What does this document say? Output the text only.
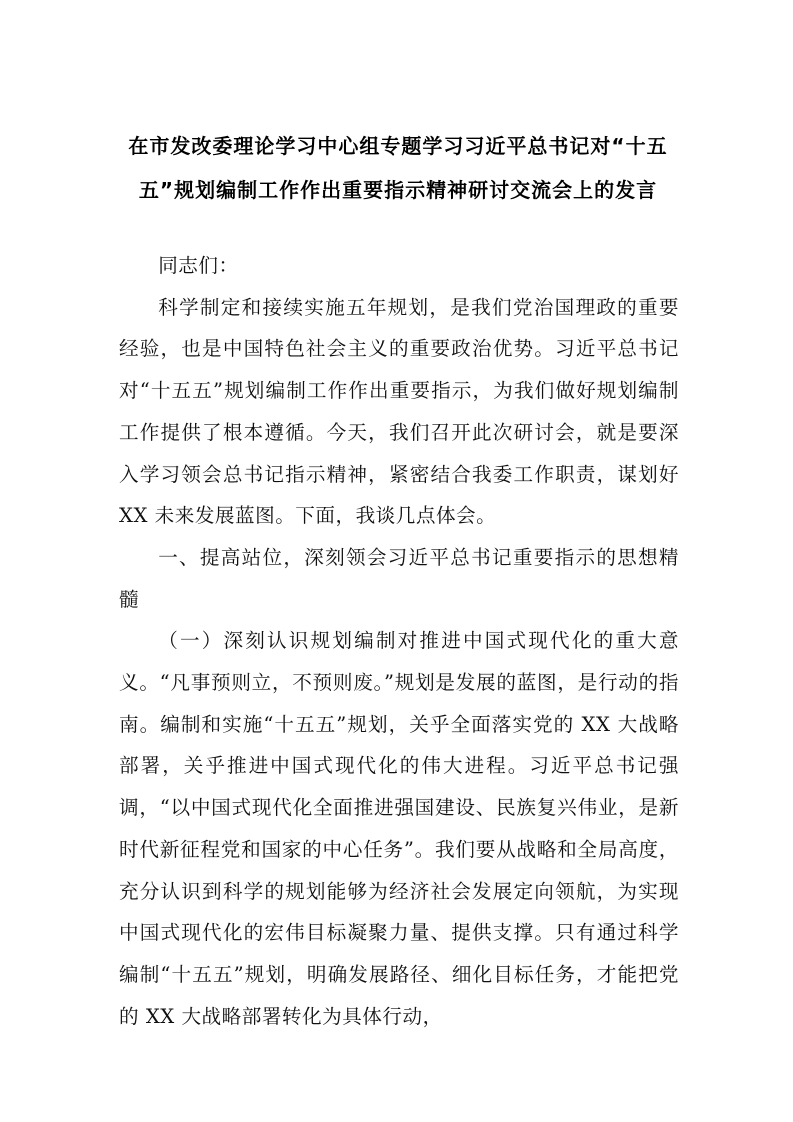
在市发改委理论学习中心组专题学习习近平总书记对“十五五”规划编制工作作出重要指示精神研讨交流会上的发言

同志们：

科学制定和接续实施五年规划，是我们党治国理政的重要经验，也是中国特色社会主义的重要政治优势。习近平总书记对“十五五”规划编制工作作出重要指示，为我们做好规划编制工作提供了根本遵循。今天，我们召开此次研讨会，就是要深入学习领会总书记指示精神，紧密结合我委工作职责，谋划好 XX 未来发展蓝图。下面，我谈几点体会。

一、提高站位，深刻领会习近平总书记重要指示的思想精髓

（一）深刻认识规划编制对推进中国式现代化的重大意义。“凡事预则立，不预则废。”规划是发展的蓝图，是行动的指南。编制和实施“十五五”规划，关乎全面落实党的 XX 大战略部署，关乎推进中国式现代化的伟大进程。习近平总书记强调，“以中国式现代化全面推进强国建设、民族复兴伟业，是新时代新征程党和国家的中心任务”。我们要从战略和全局高度，充分认识到科学的规划能够为经济社会发展定向领航，为实现中国式现代化的宏伟目标凝聚力量、提供支撑。只有通过科学编制“十五五”规划，明确发展路径、细化目标任务，才能把党的 XX 大战略部署转化为具体行动，
